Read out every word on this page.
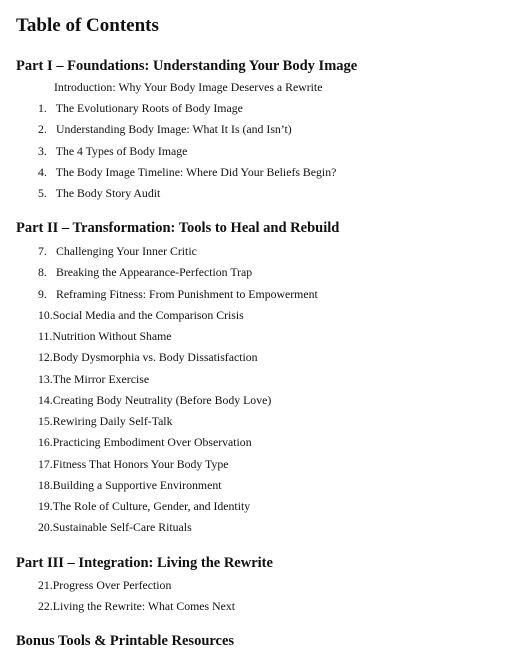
Table of Contents
Part I – Foundations: Understanding Your Body Image
Introduction: Why Your Body Image Deserves a Rewrite
1. The Evolutionary Roots of Body Image
2. Understanding Body Image: What It Is (and Isn’t)
3. The 4 Types of Body Image
4. The Body Image Timeline: Where Did Your Beliefs Begin?
5. The Body Story Audit
Part II – Transformation: Tools to Heal and Rebuild
7. Challenging Your Inner Critic
8. Breaking the Appearance-Perfection Trap
9. Reframing Fitness: From Punishment to Empowerment
10.Social Media and the Comparison Crisis
11.Nutrition Without Shame
12.Body Dysmorphia vs. Body Dissatisfaction
13.The Mirror Exercise
14.Creating Body Neutrality (Before Body Love)
15.Rewiring Daily Self-Talk
16.Practicing Embodiment Over Observation
17.Fitness That Honors Your Body Type
18.Building a Supportive Environment
19.The Role of Culture, Gender, and Identity
20.Sustainable Self-Care Rituals
Part III – Integration: Living the Rewrite
21.Progress Over Perfection
22.Living the Rewrite: What Comes Next
Bonus Tools & Printable Resources
